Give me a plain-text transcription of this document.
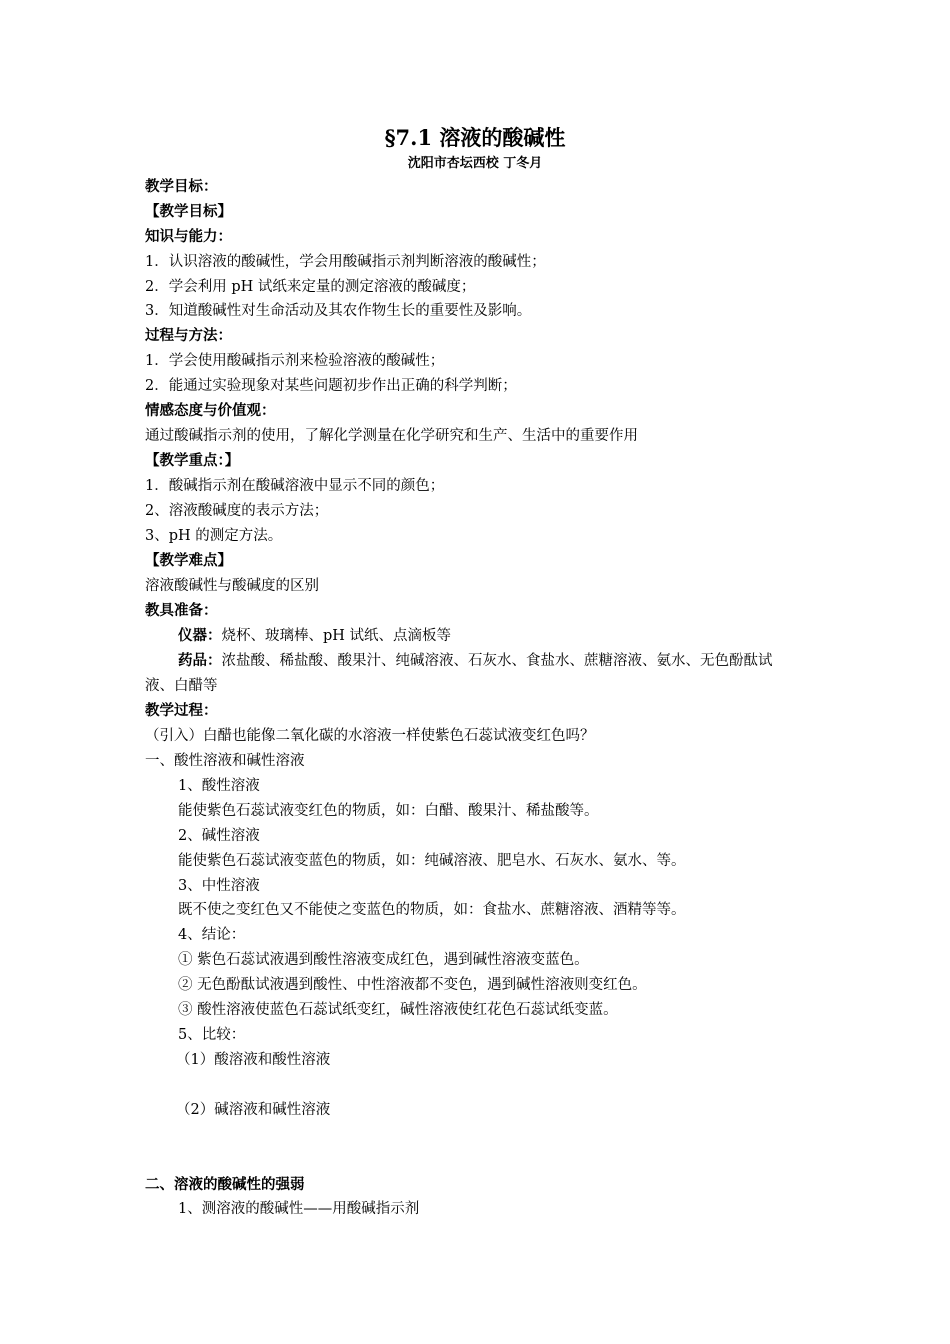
§7.1 溶液的酸碱性
沈阳市杏坛西校 丁冬月
教学目标：
【教学目标】
知识与能力：
1．认识溶液的酸碱性，学会用酸碱指示剂判断溶液的酸碱性；
2．学会利用 pH 试纸来定量的测定溶液的酸碱度；
3．知道酸碱性对生命活动及其农作物生长的重要性及影响。
过程与方法：
1．学会使用酸碱指示剂来检验溶液的酸碱性；
2．能通过实验现象对某些问题初步作出正确的科学判断；
情感态度与价值观：
通过酸碱指示剂的使用，了解化学测量在化学研究和生产、生活中的重要作用
【教学重点：】
1．酸碱指示剂在酸碱溶液中显示不同的颜色；
2、溶液酸碱度的表示方法；
3、pH 的测定方法。
【教学难点】
溶液酸碱性与酸碱度的区别
教具准备：
仪器：烧杯、玻璃棒、pH 试纸、点滴板等
药品：浓盐酸、稀盐酸、酸果汁、纯碱溶液、石灰水、食盐水、蔗糖溶液、氨水、无色酚酞试
液、白醋等
教学过程：
（引入）白醋也能像二氧化碳的水溶液一样使紫色石蕊试液变红色吗？
一、酸性溶液和碱性溶液
1、酸性溶液
能使紫色石蕊试液变红色的物质，如：白醋、酸果汁、稀盐酸等。
2、碱性溶液
能使紫色石蕊试液变蓝色的物质，如：纯碱溶液、肥皂水、石灰水、氨水、等。
3、中性溶液
既不使之变红色又不能使之变蓝色的物质，如：食盐水、蔗糖溶液、酒精等等。
4、结论：
① 紫色石蕊试液遇到酸性溶液变成红色，遇到碱性溶液变蓝色。
② 无色酚酞试液遇到酸性、中性溶液都不变色，遇到碱性溶液则变红色。
③ 酸性溶液使蓝色石蕊试纸变红，碱性溶液使红花色石蕊试纸变蓝。
5、比较：
（1）酸溶液和酸性溶液
（2）碱溶液和碱性溶液
二、溶液的酸碱性的强弱
1、测溶液的酸碱性——用酸碱指示剂
